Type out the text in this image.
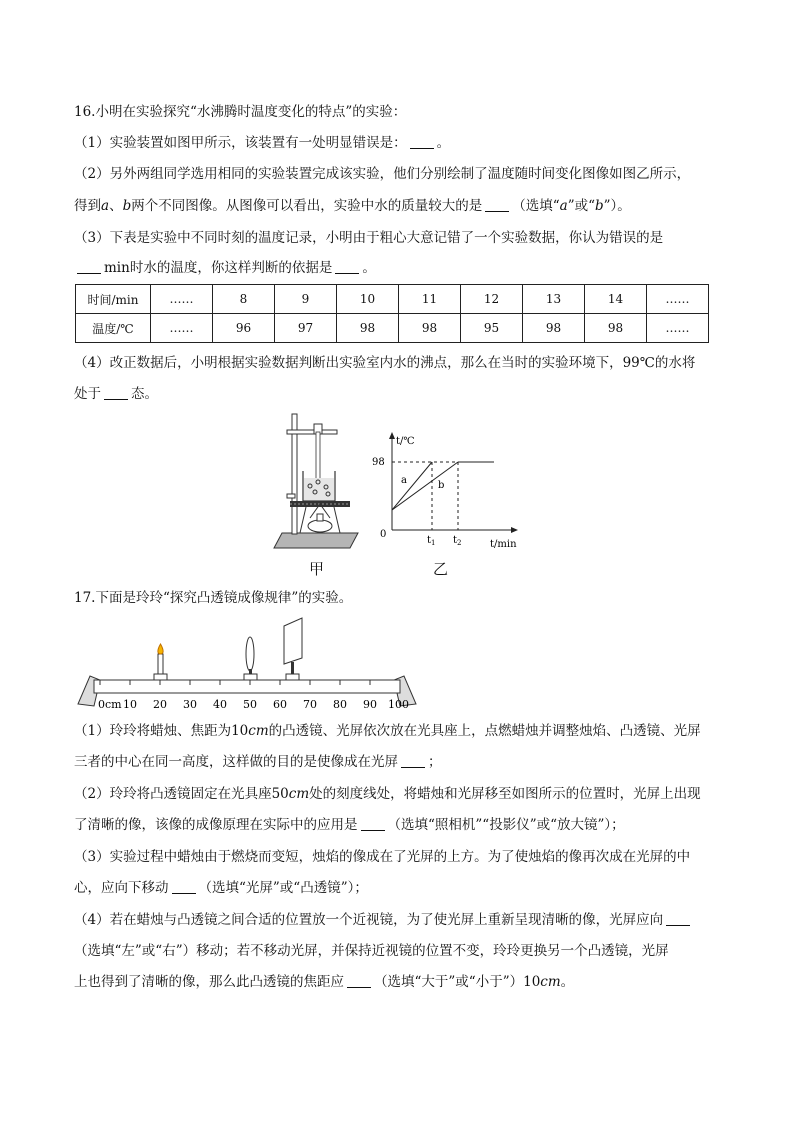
16.小明在实验探究“水沸腾时温度变化的特点”的实验：
（1）实验装置如图甲所示，该装置有一处明显错误是： 。
（2）另外两组同学选用相同的实验装置完成该实验，他们分别绘制了温度随时间变化图像如图乙所示，
得到a、b两个不同图像。从图像可以看出，实验中水的质量较大的是 （选填“a”或“b”）。
（3）下表是实验中不同时刻的温度记录，小明由于粗心大意记错了一个实验数据，你认为错误的是
min时水的温度，你这样判断的依据是 。
时间/min	……	8	9	10	11	12	13	14	……
温度/℃	……	96	97	98	98	95	98	98	……
（4）改正数据后，小明根据实验数据判断出实验室内水的沸点，那么在当时的实验环境下，99℃的水将
处于 态。
甲
t/℃
98
0
a	b
$t_1$ $t_2$	t/min
乙
17.下面是玲玲“探究凸透镜成像规律”的实验。
0cm 10 20 30 40 50 60 70 80 90 100
（1）玲玲将蜡烛、焦距为10cm的凸透镜、光屏依次放在光具座上，点燃蜡烛并调整烛焰、凸透镜、光屏
三者的中心在同一高度，这样做的目的是使像成在光屏 ；
（2）玲玲将凸透镜固定在光具座50cm处的刻度线处，将蜡烛和光屏移至如图所示的位置时，光屏上出现
了清晰的像，该像的成像原理在实际中的应用是 （选填“照相机”“投影仪”或“放大镜”）；
（3）实验过程中蜡烛由于燃烧而变短，烛焰的像成在了光屏的上方。为了使烛焰的像再次成在光屏的中
心，应向下移动 （选填“光屏”或“凸透镜”）；
（4）若在蜡烛与凸透镜之间合适的位置放一个近视镜，为了使光屏上重新呈现清晰的像，光屏应向
（选填“左”或“右”）移动；若不移动光屏，并保持近视镜的位置不变，玲玲更换另一个凸透镜，光屏
上也得到了清晰的像，那么此凸透镜的焦距应 （选填“大于”或“小于”）10cm。
